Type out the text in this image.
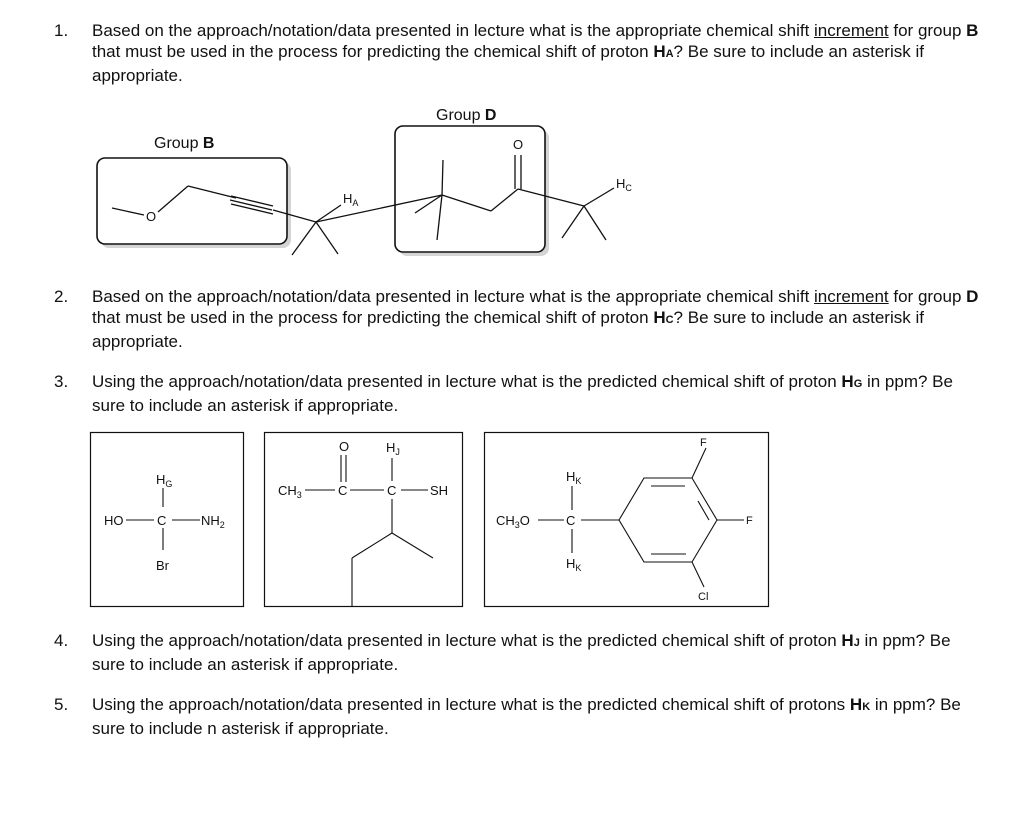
1. Based on the approach/notation/data presented in lecture what is the appropriate chemical shift increment for group B that must be used in the process for predicting the chemical shift of proton HA? Be sure to include an asterisk if appropriate.
Group B
Group D
O
O
$H_A$
$H_C$
2. Based on the approach/notation/data presented in lecture what is the appropriate chemical shift increment for group D that must be used in the process for predicting the chemical shift of proton HC? Be sure to include an asterisk if appropriate.
3. Using the approach/notation/data presented in lecture what is the predicted chemical shift of proton HG in ppm? Be sure to include an asterisk if appropriate.
$H_G$
HO	C	$NH_2$
Br
O	$H_J$
$CH_3$	C	C	SH
$H_K$
$CH_3O$	C
$H_K$
F
F
Cl
4. Using the approach/notation/data presented in lecture what is the predicted chemical shift of proton HJ in ppm? Be sure to include an asterisk if appropriate.
5. Using the approach/notation/data presented in lecture what is the predicted chemical shift of protons HK in ppm? Be sure to include n asterisk if appropriate.
